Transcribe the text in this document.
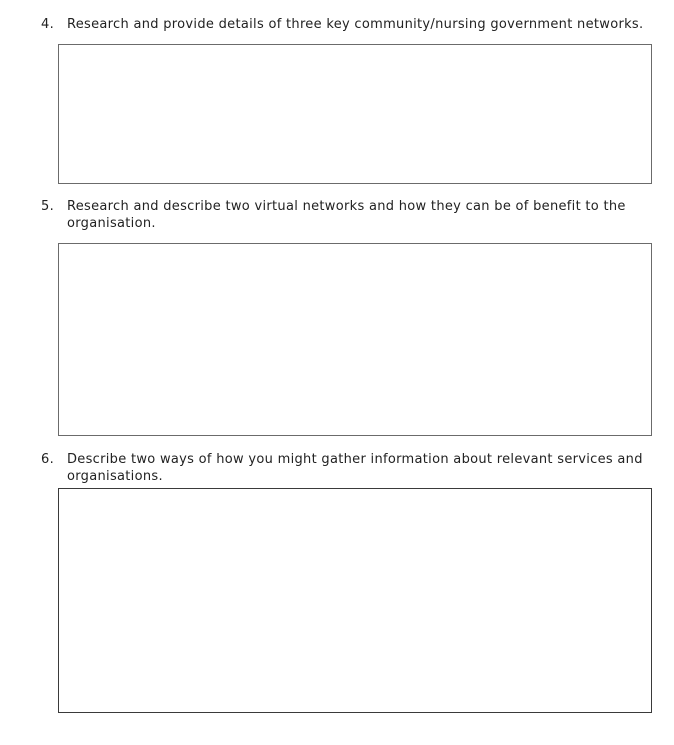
4. Research and provide details of three key community/nursing government networks.
5. Research and describe two virtual networks and how they can be of benefit to the organisation.
6. Describe two ways of how you might gather information about relevant services and organisations.
